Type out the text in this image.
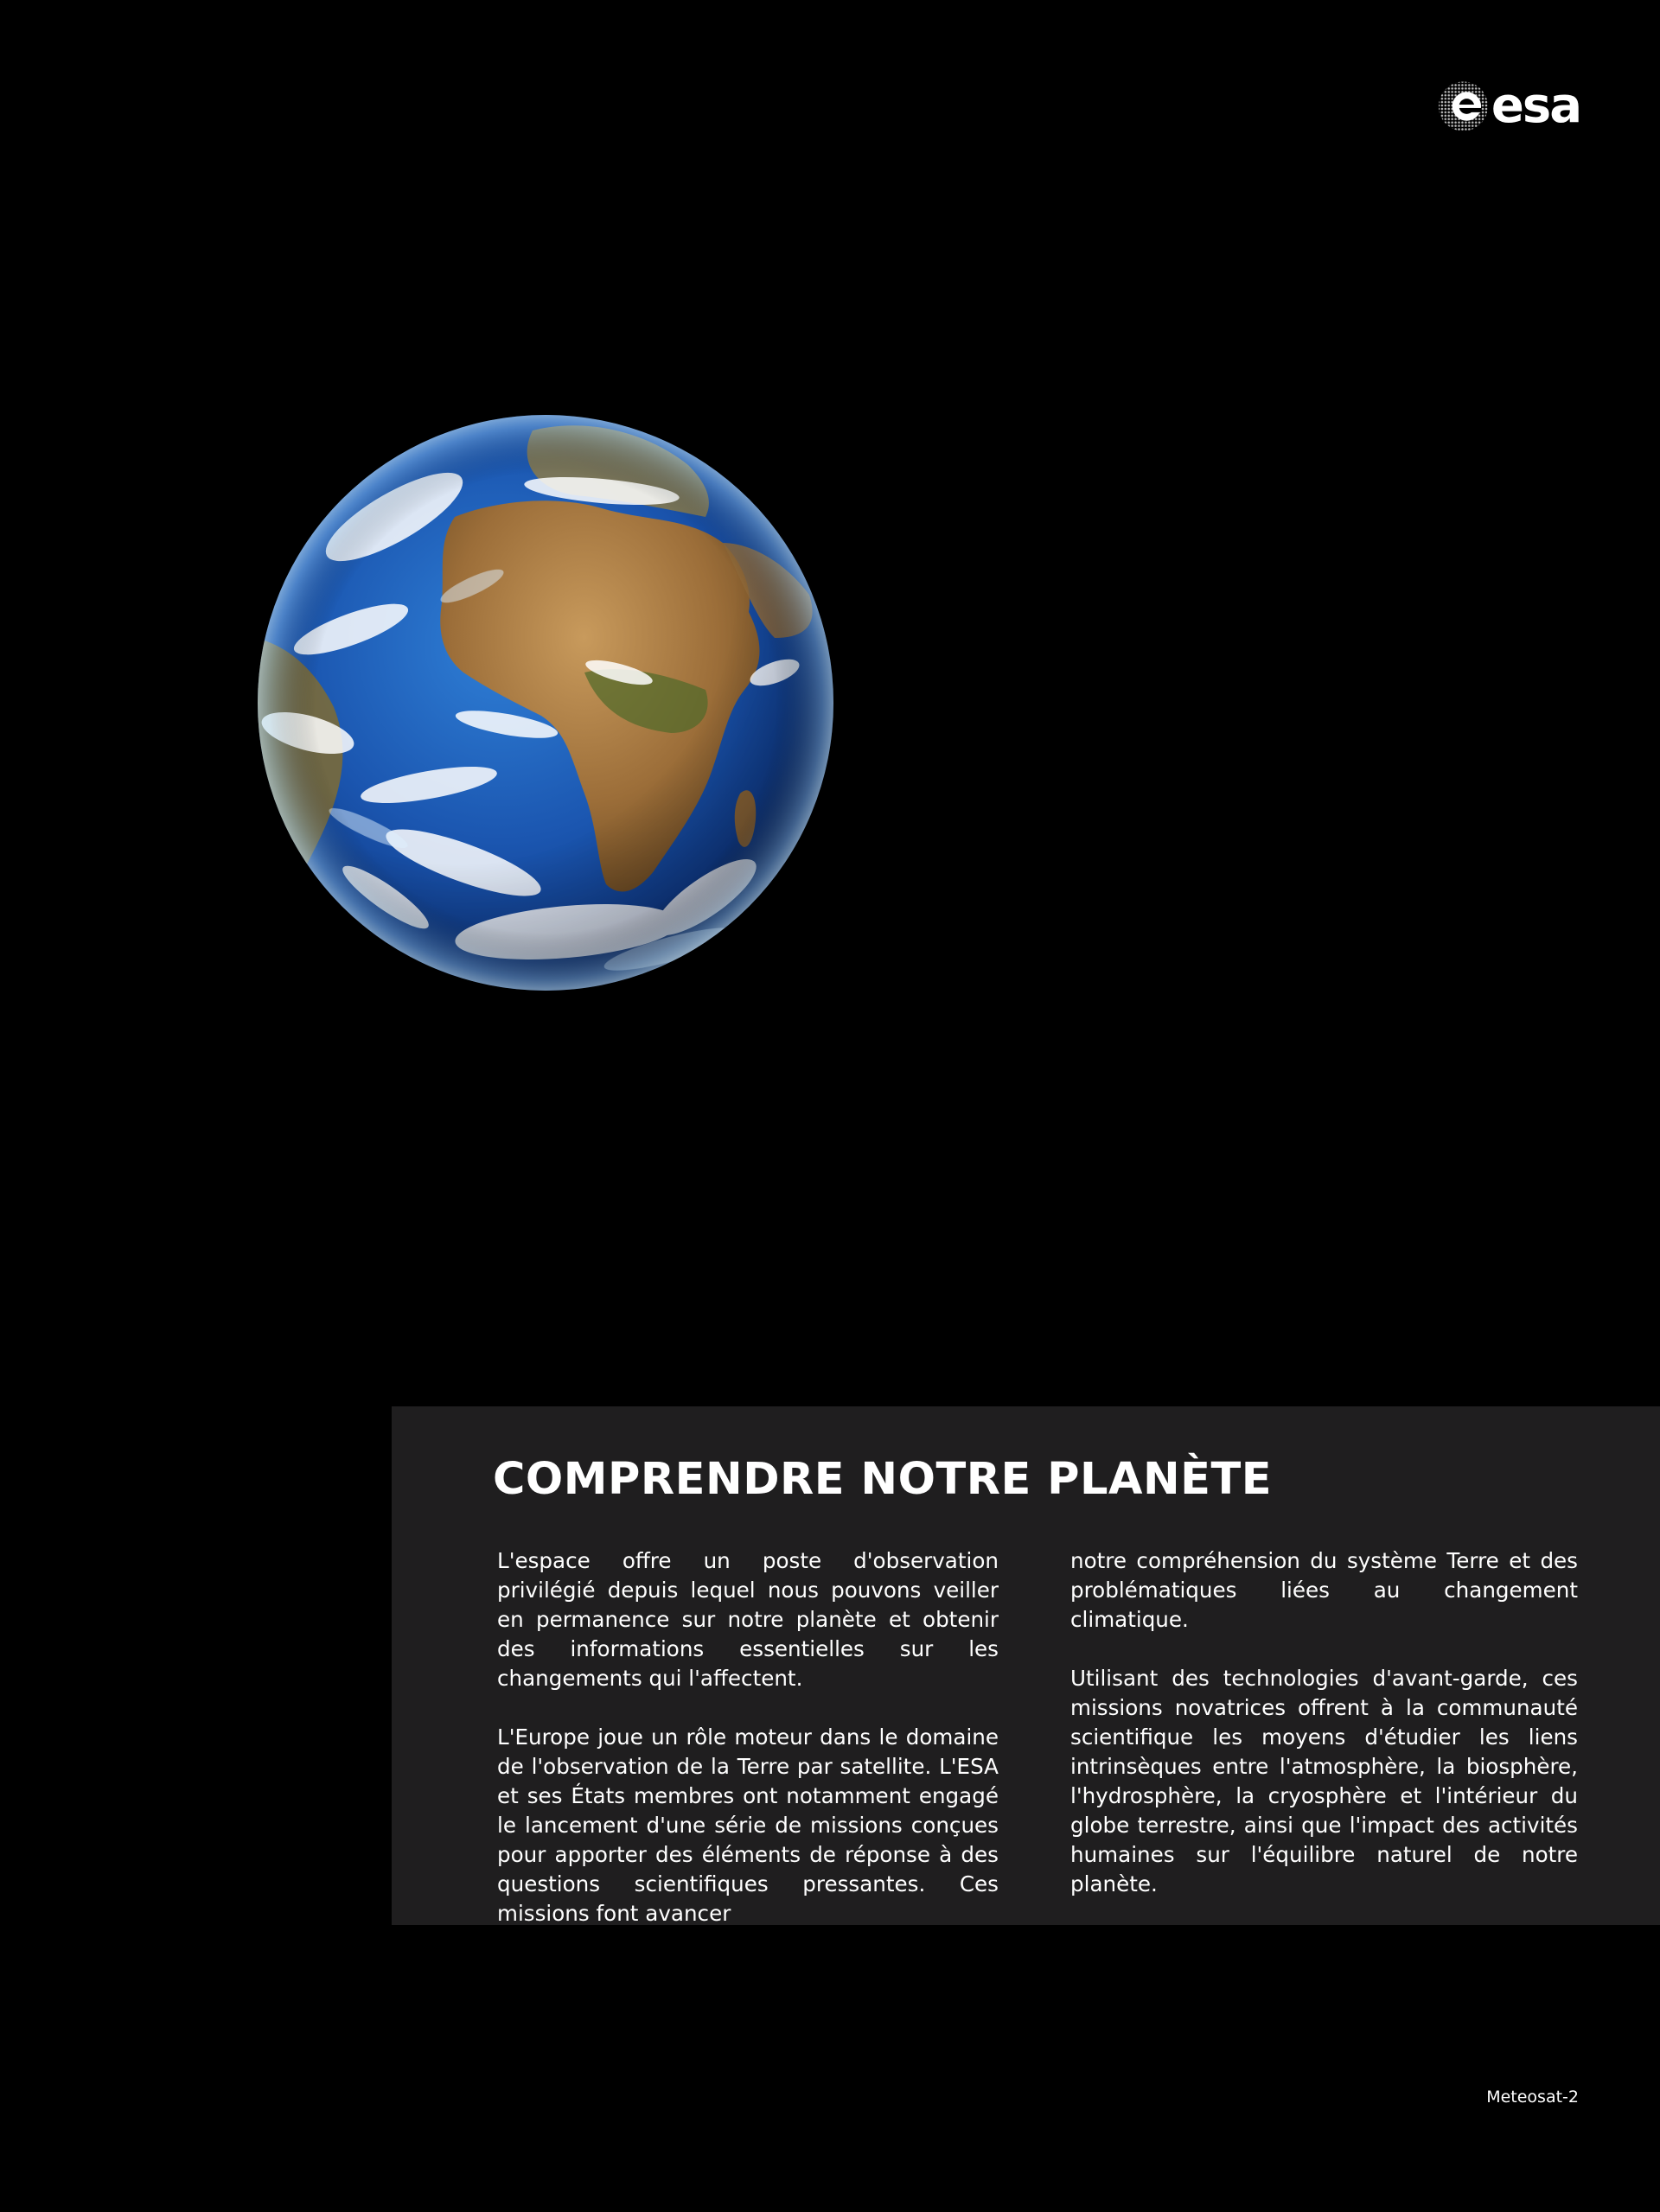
esa
COMPRENDRE NOTRE PLANÈTE

L'espace offre un poste d'observation privilégié depuis lequel nous pouvons veiller en permanence sur notre planète et obtenir des informations essentielles sur les changements qui l'affectent.

L'Europe joue un rôle moteur dans le domaine de l'observation de la Terre par satellite. L'ESA et ses États membres ont notamment engagé le lancement d'une série de missions conçues pour apporter des éléments de réponse à des questions scientifiques pressantes. Ces missions font avancer

notre compréhension du système Terre et des problématiques liées au changement climatique.

Utilisant des technologies d'avant-garde, ces missions novatrices offrent à la communauté scientifique les moyens d'étudier les liens intrinsèques entre l'atmosphère, la biosphère, l'hydrosphère, la cryosphère et l'intérieur du globe terrestre, ainsi que l'impact des activités humaines sur l'équilibre naturel de notre planète.

Meteosat-2
